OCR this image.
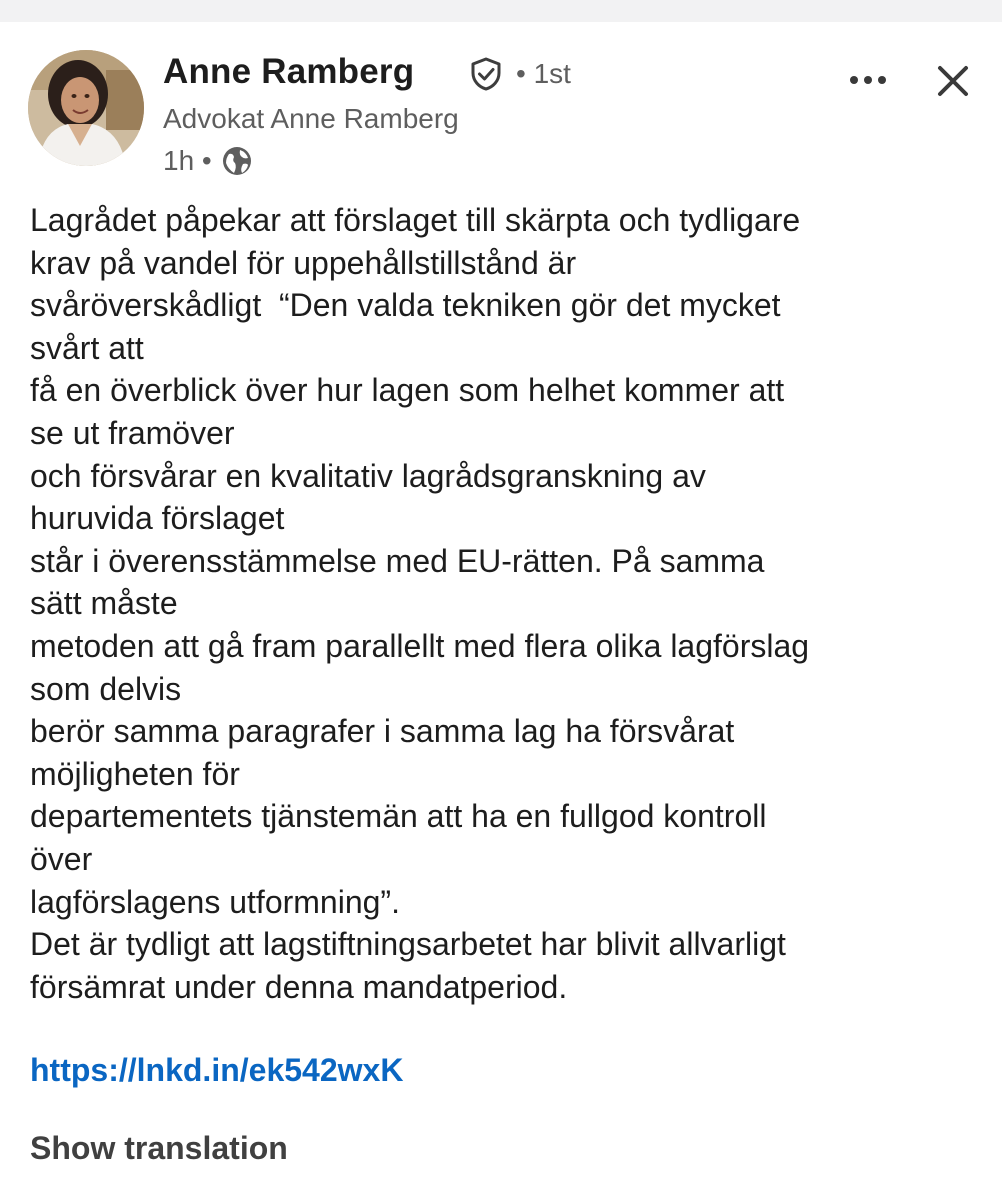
Anne Ramberg	• 1st
Advokat Anne Ramberg
1h •
Lagrådet påpekar att förslaget till skärpta och tydligare
krav på vandel för uppehållstillstånd är
svåröverskådligt  “Den valda tekniken gör det mycket
svårt att
få en överblick över hur lagen som helhet kommer att
se ut framöver
och försvårar en kvalitativ lagrådsgranskning av
huruvida förslaget
står i överensstämmelse med EU-rätten. På samma
sätt måste
metoden att gå fram parallellt med flera olika lagförslag
som delvis
berör samma paragrafer i samma lag ha försvårat
möjligheten för
departementets tjänstemän att ha en fullgod kontroll
över
lagförslagens utformning”.
Det är tydligt att lagstiftningsarbetet har blivit allvarligt
försämrat under denna mandatperiod.
https://lnkd.in/ek542wxK
Show translation
